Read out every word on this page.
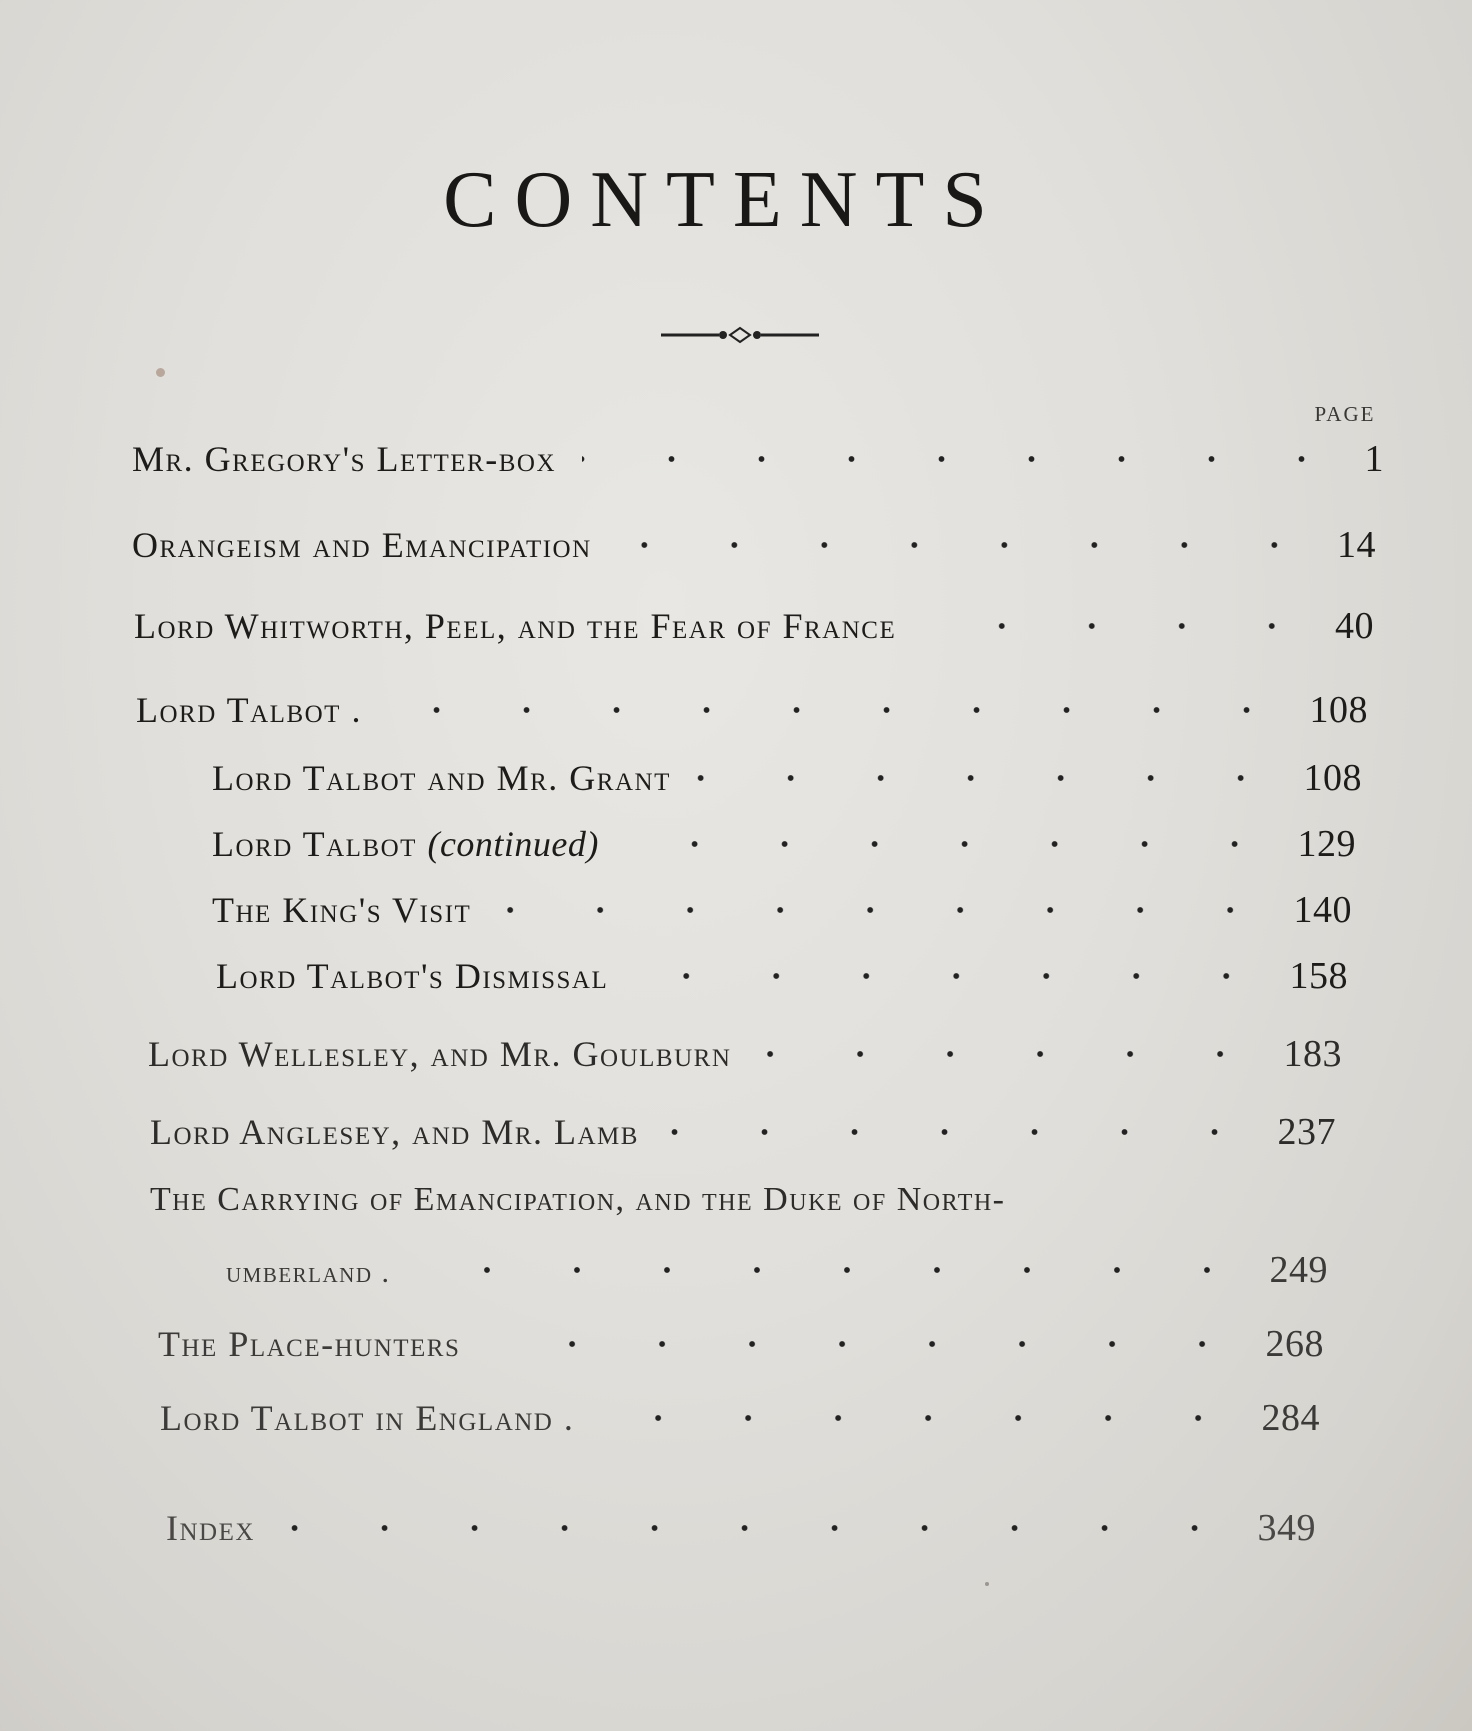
CONTENTS
PAGE
Mr. Gregory's Letter-box	1
Orangeism and Emancipation	14
Lord Whitworth, Peel, and the Fear of France	40
Lord Talbot .	108
Lord Talbot and Mr. Grant	108
Lord Talbot (continued)	129
The King's Visit	140
Lord Talbot's Dismissal	158
Lord Wellesley, and Mr. Goulburn	183
Lord Anglesey, and Mr. Lamb	237
The Carrying of Emancipation, and the Duke of North-
umberland .	249
The Place-hunters	268
Lord Talbot in England .	284
Index	349
